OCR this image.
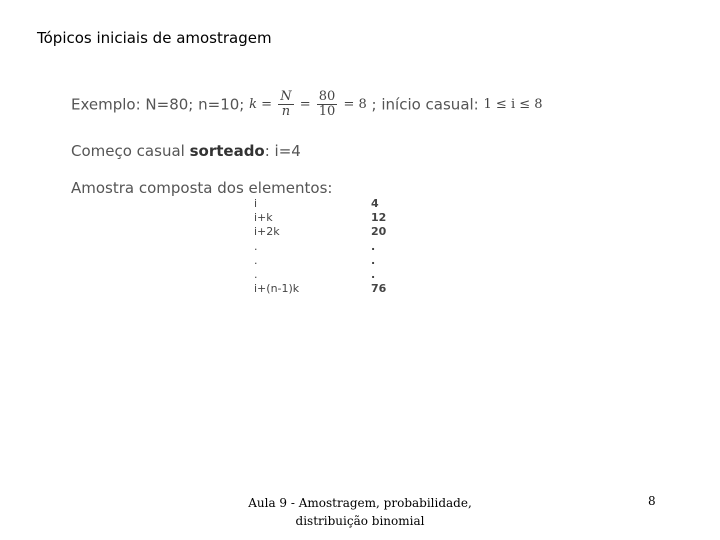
Tópicos iniciais de amostragem
Exemplo: N=80; n=10; $k = \frac{N}{n} = \frac{80}{10} = 8$ ; início casual: 1 ≤ i ≤ 8
Começo casual sorteado: i=4
Amostra composta dos elementos:
i	4
i+k	12
i+2k	20
.	.
.	.
.	.
i+(n-1)k	76
Aula 9 - Amostragem, probabilidade,
distribuição binomial
8
